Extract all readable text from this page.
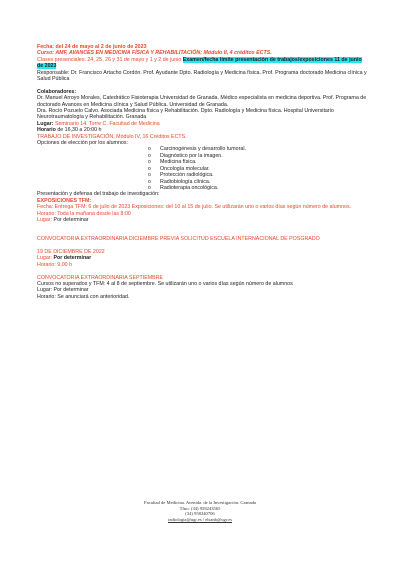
Fecha: del 24 de mayo al 2 de junio de 2023
Curso: AMF, AVANCES EN MEDICINA FÍSICA Y REHABILITACIÓN; Módulo II, 4 créditos ECTS.
Clases presenciales: 24, 25, 26 y 31 de mayo y 1 y 2 de junio Examen/fecha límite presentación de trabajos/exposiciones 11 de junio de 2023
Responsable: Dr. Francisco Artacho Cordón. Prof. Ayudante Dpto. Radiología y Medicina física. Prof. Programa doctorado Medicina clínica y Salud Pública
Colaboradores:
Dr. Manuel Arroyo Morales, Catedrático Fisioterapia Universidad de Granada. Médico especialista en medicina deportiva. Prof. Programa de doctorado Avances en Medicina clínica y Salud Pública. Universidad de Granada.
Dra. Rocío Pozuelo Calvo. Asociada Medicina física y Rehabilitación. Dpto. Radiología y Medicina física. Hospital Universitario Neurotraumatología y Rehabilitación. Granada
Lugar: Seminario 14. Torre C. Facultad de Medicina
Horario de 16,30 a 20:00 h
TRABAJO DE INVESTIGACIÓN, Módulo IV, 16 Créditos ECTS.
Opciones de elección por los alumnos:
o Carcinogénesis y desarrollo tumoral.
o Diagnóstico por la imagen.
o Medicina física.
o Oncología molecular.
o Protección radiológica.
o Radiobiología clínica.
o Radioterapia oncológica.
Presentación y defensa del trabajo de investigación:
EXPOSICIONES TFM:
Fecha: Entrega TFM: 6 de julio de 2023 Exposiciones: del 10 al 15 de julio. Se utilizarán uno o varios días según número de alumnos.
Horario: Toda la mañana desde las 8:00
Lugar: Por determinar
CONVOCATORIA EXTRAORDINARIA DICIEMBRE PREVIA SOLICITUD ESCUELA INTERNACIONAL DE POSGRADO
19 DE DICIEMBRE DE 2022
Lugar: Por determinar
Horario: 9,00 h
CONVOCATORIA EXTRAORDINARIA SEPTIEMBRE
Cursos no superados y TFM: 4 al 8 de septiembre. Se utilizarán uno o varios días según número de alumnos
Lugar: Por determinar
Horario: Se anunciará con anterioridad.
Facultad de Medicina. Avenida. de la Investigación. Granada
Tfno: (34) 958243565
(34) 958240706
radiologia@ugr.es / elsanb@ugr.es
